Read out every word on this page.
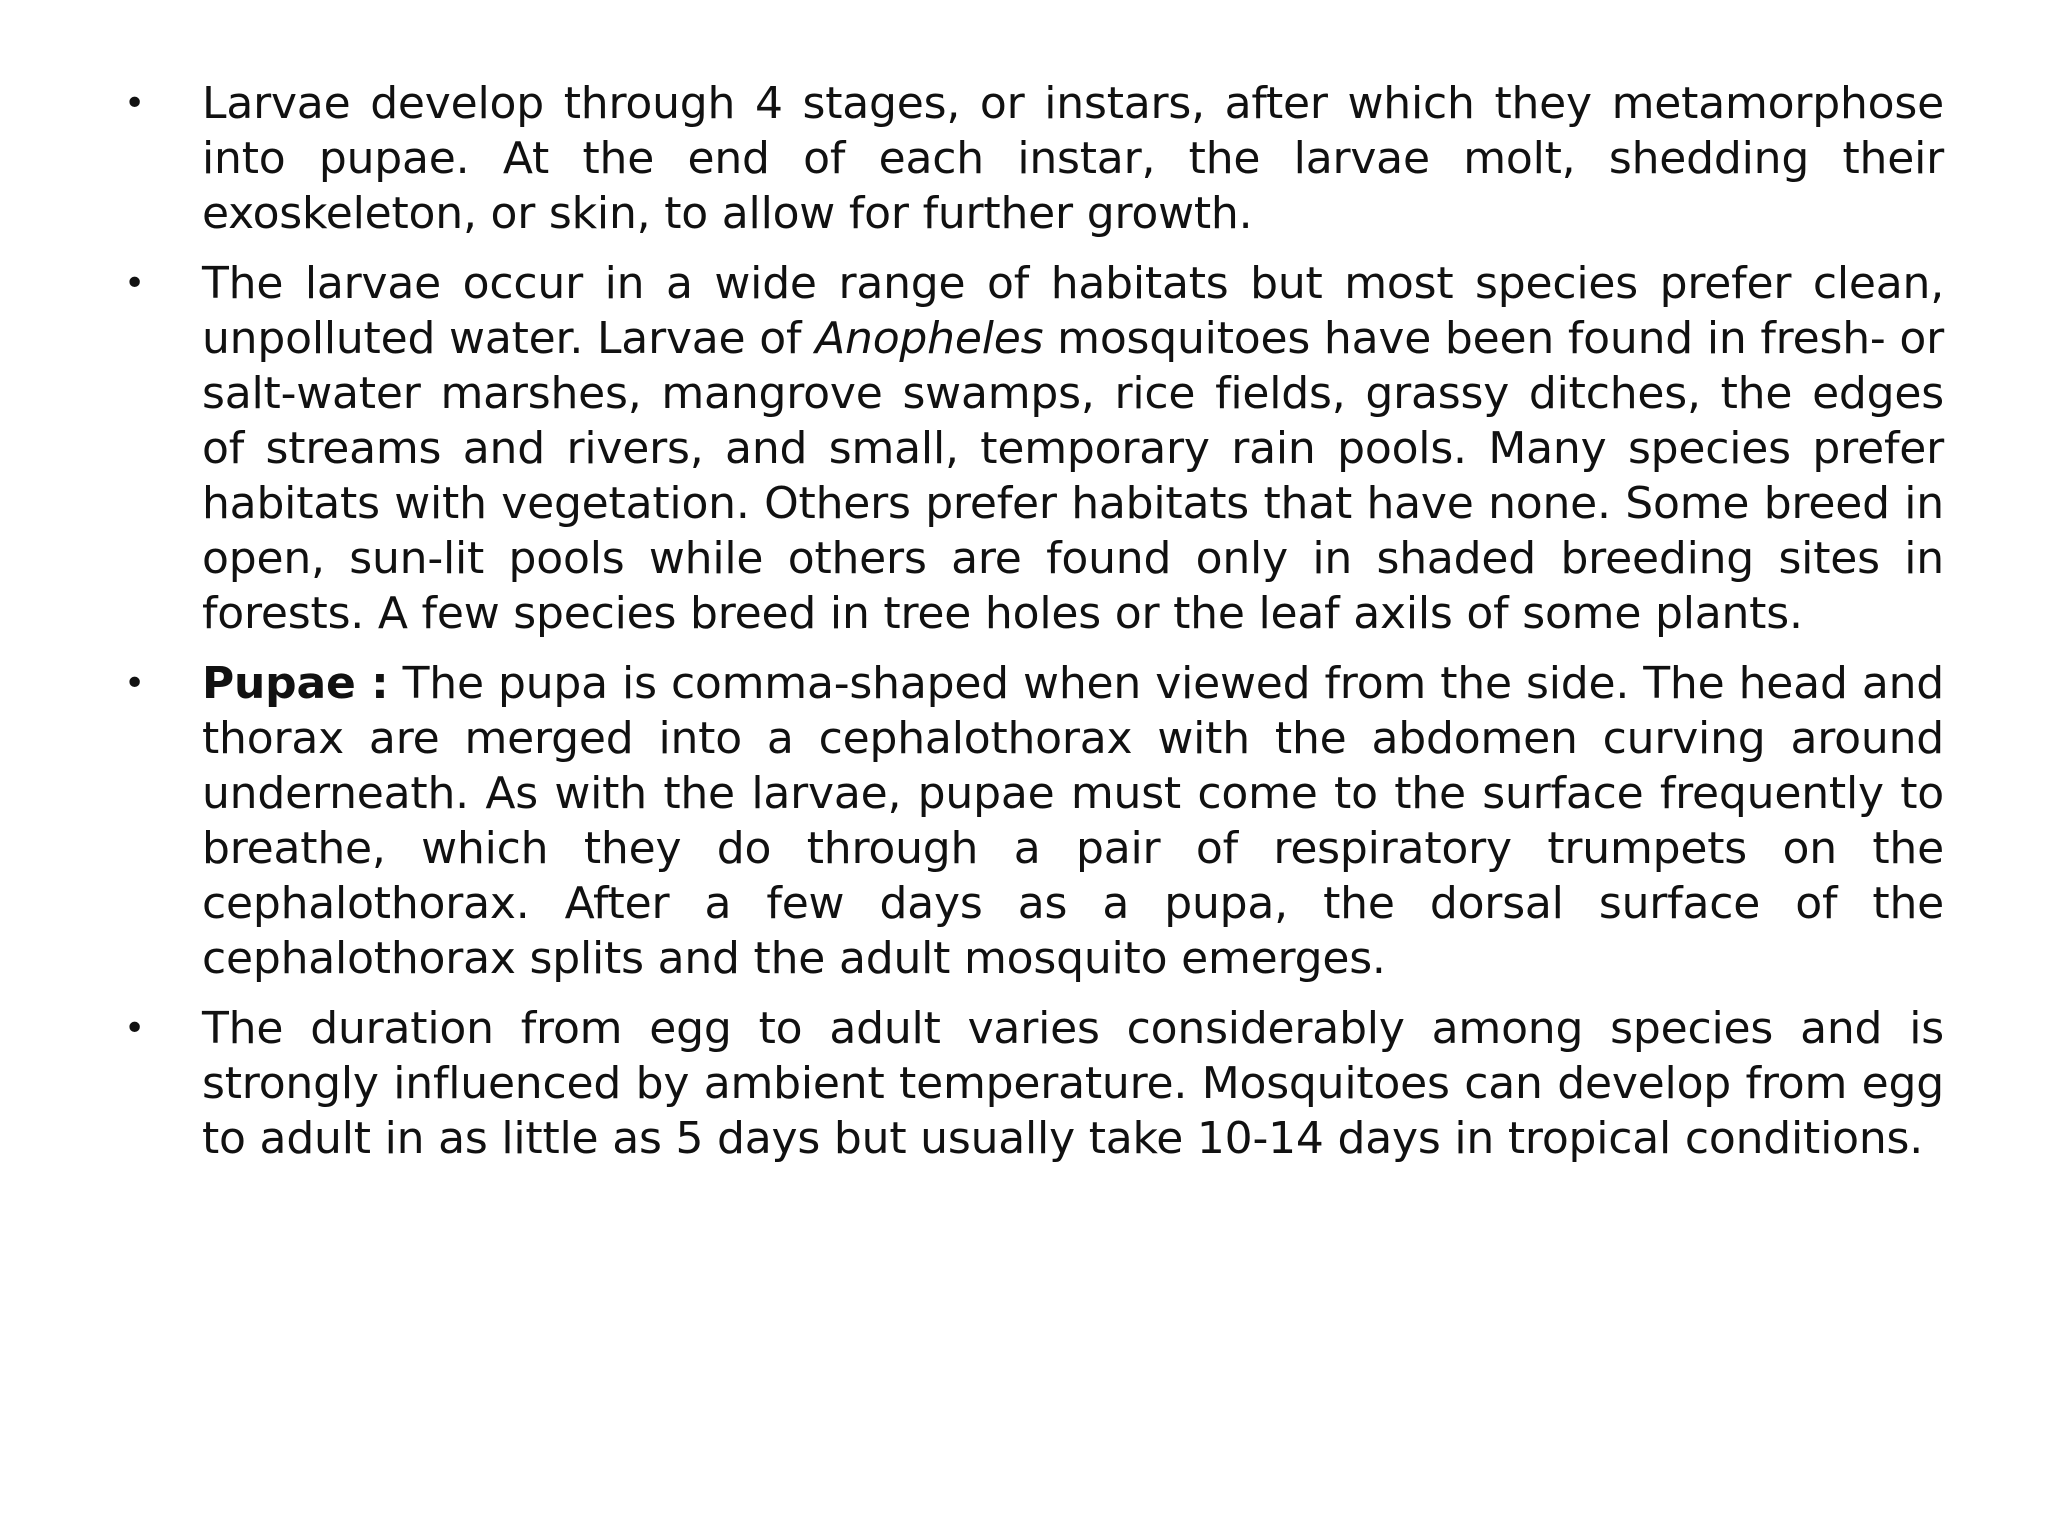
•	Larvae develop through 4 stages, or instars, after which they metamorphose into pupae. At the end of each instar, the larvae molt, shedding their exoskeleton, or skin, to allow for further growth.
•	The larvae occur in a wide range of habitats but most species prefer clean, unpolluted water. Larvae of Anopheles mosquitoes have been found in fresh- or salt-water marshes, mangrove swamps, rice fields, grassy ditches, the edges of streams and rivers, and small, temporary rain pools. Many species prefer habitats with vegetation. Others prefer habitats that have none. Some breed in open, sun-lit pools while others are found only in shaded breeding sites in forests. A few species breed in tree holes or the leaf axils of some plants.
•	Pupae : The pupa is comma-shaped when viewed from the side. The head and thorax are merged into a cephalothorax with the abdomen curving around underneath. As with the larvae, pupae must come to the surface frequently to breathe, which they do through a pair of respiratory trumpets on the cephalothorax. After a few days as a pupa, the dorsal surface of the cephalothorax splits and the adult mosquito emerges.
•	The duration from egg to adult varies considerably among species and is strongly influenced by ambient temperature. Mosquitoes can develop from egg to adult in as little as 5 days but usually take 10-14 days in tropical conditions.
